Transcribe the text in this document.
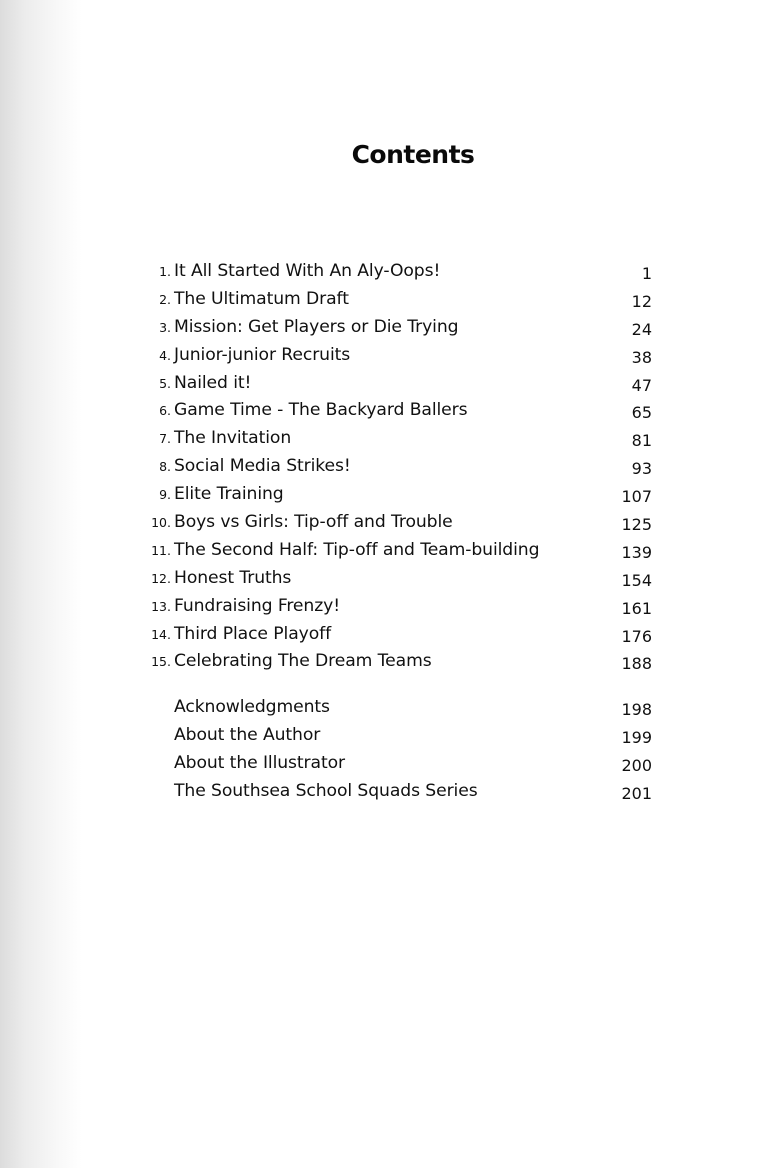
Contents
1. It All Started With An Aly-Oops!	1
2. The Ultimatum Draft	12
3. Mission: Get Players or Die Trying	24
4. Junior-junior Recruits	38
5. Nailed it!	47
6. Game Time - The Backyard Ballers	65
7. The Invitation	81
8. Social Media Strikes!	93
9. Elite Training	107
10. Boys vs Girls: Tip-off and Trouble	125
11. The Second Half: Tip-off and Team-building	139
12. Honest Truths	154
13. Fundraising Frenzy!	161
14. Third Place Playoff	176
15. Celebrating The Dream Teams	188
Acknowledgments	198
About the Author	199
About the Illustrator	200
The Southsea School Squads Series	201
